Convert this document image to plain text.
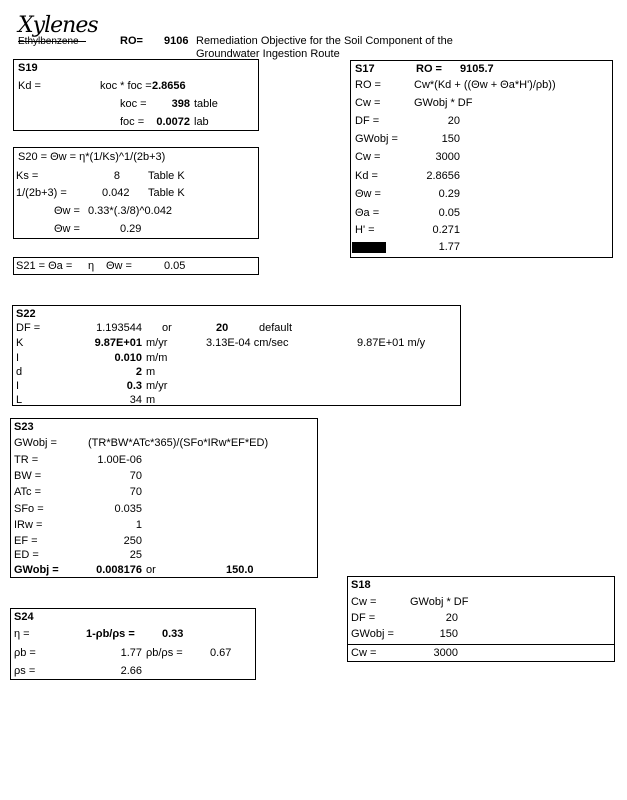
Xylenes
Ethylbenzene	RO= 9106 Remediation Objective for the Soil Component of the
Groundwater Ingestion Route
S19
Kd =	koc * foc = 2.8656
koc =	398 table
foc =	0.0072 lab
S20 = Θw = η*(1/Ks)^1/(2b+3)
Ks =	8	Table K
1/(2b+3) =	0.042 Table K
Θw = 0.33*(.3/8)^0.042
Θw =	0.29
S21 = Θa = η Θw =	0.05
S17	RO = 9105.7
RO =	Cw*(Kd + ((Θw + Θa*H')/ρb))
Cw =	GWobj * DF
DF =	20
GWobj =	150
Cw =	3000
Kd =	2.8656
Θw =	0.29
Θa =	0.05
H' =	0.271
1.77
S22
DF =	1.193544 or	20	default
K	9.87E+01 m/yr	3.13E-04 cm/sec	9.87E+01 m/y
I	0.010 m/m
d	2 m
I	0.3 m/yr
L	34 m
S23
GWobj =	(TR*BW*ATc*365)/(SFo*IRw*EF*ED)
TR =	1.00E-06
BW =	70
ATc =	70
SFo =	0.035
IRw =	1
EF =	250
ED =	25
GWobj =	0.008176 or	150.0
S18
Cw =	GWobj * DF
DF =	20
GWobj =	150
Cw =	3000
S24
η =	1-ρb/ρs = 0.33
ρb =	1.77 ρb/ρs = 0.67
ρs =	2.66
